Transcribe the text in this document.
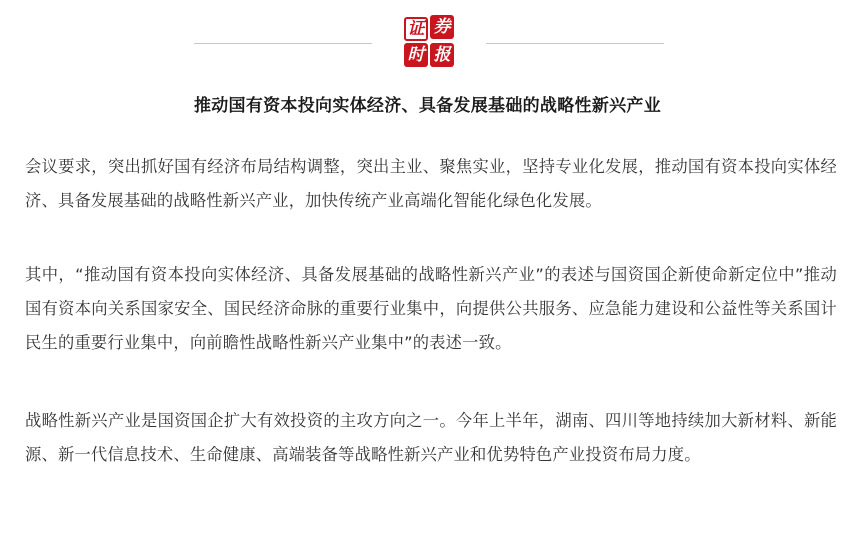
证 券
时 报
推动国有资本投向实体经济、具备发展基础的战略性新兴产业

会议要求，突出抓好国有经济布局结构调整，突出主业、聚焦实业，坚持专业化发展，推动国有资本投向实体经济、具备发展基础的战略性新兴产业，加快传统产业高端化智能化绿色化发展。

其中，“推动国有资本投向实体经济、具备发展基础的战略性新兴产业”的表述与国资国企新使命新定位中”推动国有资本向关系国家安全、国民经济命脉的重要行业集中，向提供公共服务、应急能力建设和公益性等关系国计民生的重要行业集中，向前瞻性战略性新兴产业集中”的表述一致。

战略性新兴产业是国资国企扩大有效投资的主攻方向之一。今年上半年，湖南、四川等地持续加大新材料、新能源、新一代信息技术、生命健康、高端装备等战略性新兴产业和优势特色产业投资布局力度。
